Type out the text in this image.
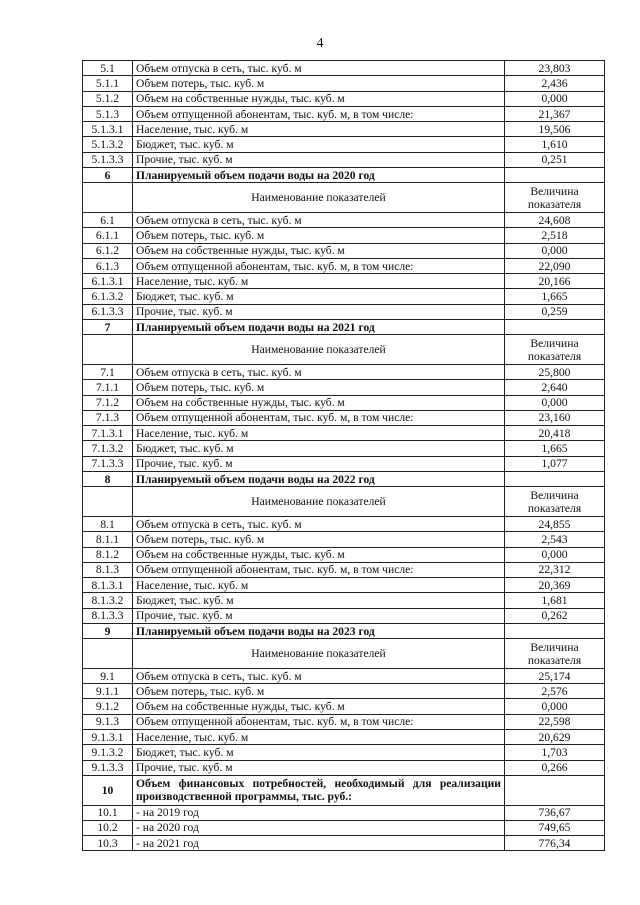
4
5.1	Объем отпуска в сеть, тыс. куб. м	23,803
5.1.1	Объем потерь, тыс. куб. м	2,436
5.1.2	Объем на собственные нужды, тыс. куб. м	0,000
5.1.3	Объем отпущенной абонентам, тыс. куб. м, в том числе:	21,367
5.1.3.1	Население, тыс. куб. м	19,506
5.1.3.2	Бюджет, тыс. куб. м	1,610
5.1.3.3	Прочие, тыс. куб. м	0,251
6	Планируемый объем подачи воды на 2020 год	
	Наименование показателей	Величина показателя
6.1	Объем отпуска в сеть, тыс. куб. м	24,608
6.1.1	Объем потерь, тыс. куб. м	2,518
6.1.2	Объем на собственные нужды, тыс. куб. м	0,000
6.1.3	Объем отпущенной абонентам, тыс. куб. м, в том числе:	22,090
6.1.3.1	Население, тыс. куб. м	20,166
6.1.3.2	Бюджет, тыс. куб. м	1,665
6.1.3.3	Прочие, тыс. куб. м	0,259
7	Планируемый объем подачи воды на 2021 год	
	Наименование показателей	Величина показателя
7.1	Объем отпуска в сеть, тыс. куб. м	25,800
7.1.1	Объем потерь, тыс. куб. м	2,640
7.1.2	Объем на собственные нужды, тыс. куб. м	0,000
7.1.3	Объем отпущенной абонентам, тыс. куб. м, в том числе:	23,160
7.1.3.1	Население, тыс. куб. м	20,418
7.1.3.2	Бюджет, тыс. куб. м	1,665
7.1.3.3	Прочие, тыс. куб. м	1,077
8	Планируемый объем подачи воды на 2022 год	
	Наименование показателей	Величина показателя
8.1	Объем отпуска в сеть, тыс. куб. м	24,855
8.1.1	Объем потерь, тыс. куб. м	2,543
8.1.2	Объем на собственные нужды, тыс. куб. м	0,000
8.1.3	Объем отпущенной абонентам, тыс. куб. м, в том числе:	22,312
8.1.3.1	Население, тыс. куб. м	20,369
8.1.3.2	Бюджет, тыс. куб. м	1,681
8.1.3.3	Прочие, тыс. куб. м	0,262
9	Планируемый объем подачи воды на 2023 год	
	Наименование показателей	Величина показателя
9.1	Объем отпуска в сеть, тыс. куб. м	25,174
9.1.1	Объем потерь, тыс. куб. м	2,576
9.1.2	Объем на собственные нужды, тыс. куб. м	0,000
9.1.3	Объем отпущенной абонентам, тыс. куб. м, в том числе:	22,598
9.1.3.1	Население, тыс. куб. м	20,629
9.1.3.2	Бюджет, тыс. куб. м	1,703
9.1.3.3	Прочие, тыс. куб. м	0,266
10	Объем финансовых потребностей, необходимый для реализации производственной программы, тыс. руб.:	
10.1	- на 2019 год	736,67
10.2	- на 2020 год	749,65
10.3	- на 2021 год	776,34
